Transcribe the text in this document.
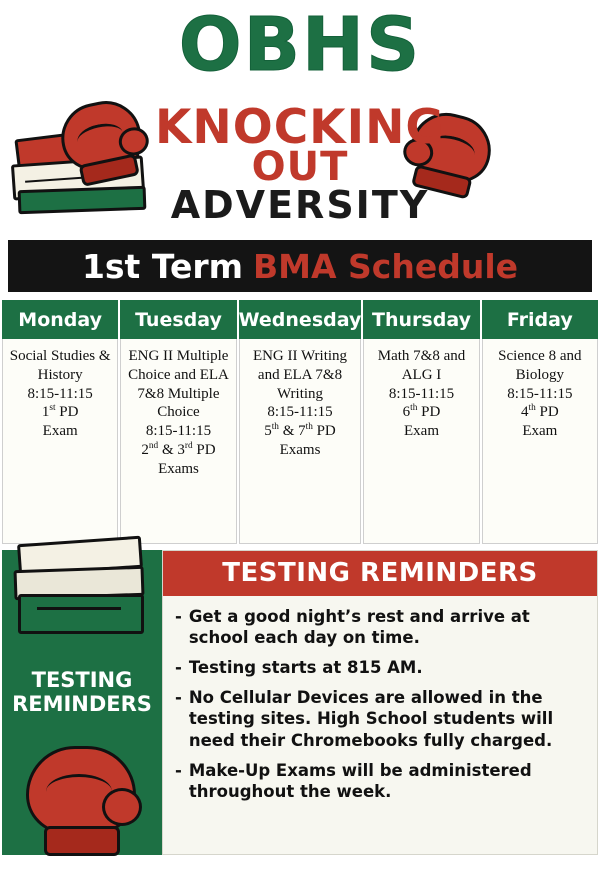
OBHS
KNOCKING
OUT
ADVERSITY
1st Term BMA Schedule
Monday
Social Studies & History
8:15-11:15
1st PD
Exam
Tuesday
ENG II Multiple Choice and ELA 7&8 Multiple Choice
8:15-11:15
2nd & 3rd PD
Exams
Wednesday
ENG II Writing and ELA 7&8 Writing
8:15-11:15
5th & 7th PD
Exams
Thursday
Math 7&8 and ALG I
8:15-11:15
6th PD
Exam
Friday
Science 8 and Biology
8:15-11:15
4th PD
Exam
TESTING REMINDERS
TESTING REMINDERS
- Get a good night’s rest and arrive at school each day on time.
- Testing starts at 815 AM.
- No Cellular Devices are allowed in the testing sites. High School students will need their Chromebooks fully charged.
- Make-Up Exams will be administered throughout the week.
